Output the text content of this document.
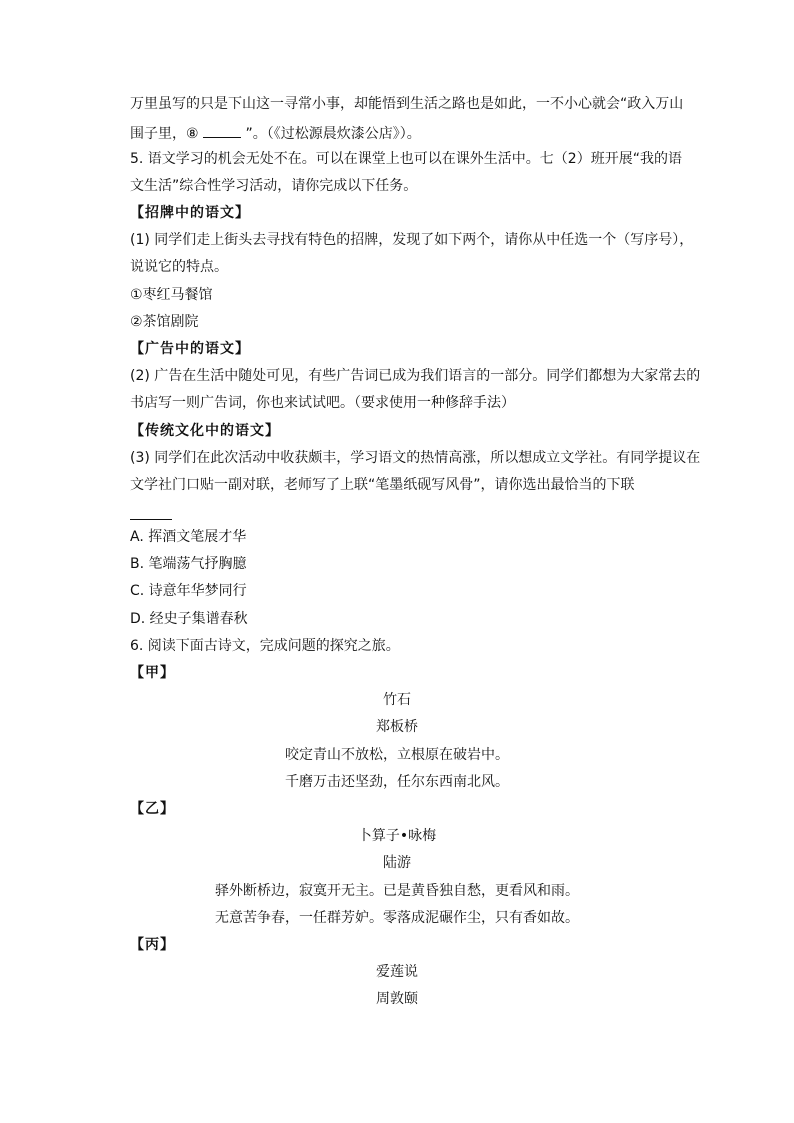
万里虽写的只是下山这一寻常小事，却能悟到生活之路也是如此，一不小心就会“政入万山
围子里，⑧	”。（《过松源晨炊漆公店》）。
5. 语文学习的机会无处不在。可以在课堂上也可以在课外生活中。七（2）班开展“我的语
文生活”综合性学习活动，请你完成以下任务。
【招牌中的语文】
(1) 同学们走上街头去寻找有特色的招牌，发现了如下两个，请你从中任选一个（写序号），
说说它的特点。
①枣红马餐馆
②茶馆剧院
【广告中的语文】
(2) 广告在生活中随处可见，有些广告词已成为我们语言的一部分。同学们都想为大家常去的
书店写一则广告词，你也来试试吧。（要求使用一种修辞手法）
【传统文化中的语文】
(3) 同学们在此次活动中收获颇丰，学习语文的热情高涨，所以想成立文学社。有同学提议在
文学社门口贴一副对联，老师写了上联“笔墨纸砚写风骨”，请你选出最恰当的下联
A. 挥酒文笔展才华
B. 笔端荡气抒胸臆
C. 诗意年华梦同行
D. 经史子集谱春秋
6. 阅读下面古诗文，完成问题的探究之旅。
【甲】
竹石
郑板桥
咬定青山不放松，立根原在破岩中。
千磨万击还坚劲，任尔东西南北风。
【乙】
卜算子•咏梅
陆游
驿外断桥边，寂寞开无主。已是黄昏独自愁，更看风和雨。
无意苦争春，一任群芳妒。零落成泥碾作尘，只有香如故。
【丙】
爱莲说
周敦颐
